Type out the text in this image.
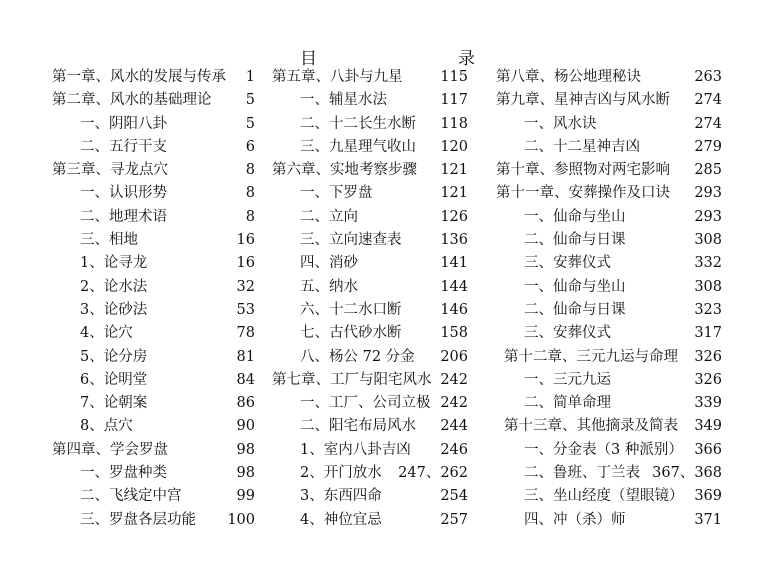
目	录
第一章、风水的发展与传承 1
第二章、风水的基础理论 5
一、阴阳八卦	5
二、五行干支	6
第三章、寻龙点穴	8
一、认识形势	8
二、地理术语	8
三、相地	16
1、论寻龙	16
2、论水法	32
3、论砂法	53
4、论穴	78
5、论分房	81
6、论明堂	84
7、论朝案	86
8、点穴	90
第四章、学会罗盘	98
一、罗盘种类	98
二、飞线定中宫	99
三、罗盘各层功能 100
第五章、八卦与九星	115
一、辅星水法	117
二、十二长生水断 118
三、九星理气收山 120
第六章、实地考察步骤 121
一、下罗盘	121
二、立向	126
三、立向速查表	136
四、消砂	141
五、纳水	144
六、十二水口断	146
七、古代砂水断	158
八、杨公 72 分金 206
第七章、工厂与阳宅风水 242
一、工厂、公司立极 242
二、阳宅布局风水 244
1、室内八卦吉凶 246
2、开门放水 247、262
3、东西四命	254
4、神位宜忌	257
第八章、杨公地理秘诀	263
第九章、星神吉凶与风水断 274
一、风水诀	274
二、十二星神吉凶	279
第十章、参照物对两宅影响 285
第十一章、安葬操作及口诀 293
一、仙命与坐山	293
二、仙命与日课	308
三、安葬仪式	332
一、仙命与坐山	308
二、仙命与日课	323
三、安葬仪式	317
第十二章、三元九运与命理 326
一、三元九运	326
二、简单命理	339
第十三章、其他摘录及简表 349
一、分金表（3 种派别） 366
二、鲁班、丁兰表 367、368
三、坐山经度（望眼镜） 369
四、冲（杀）师	371
